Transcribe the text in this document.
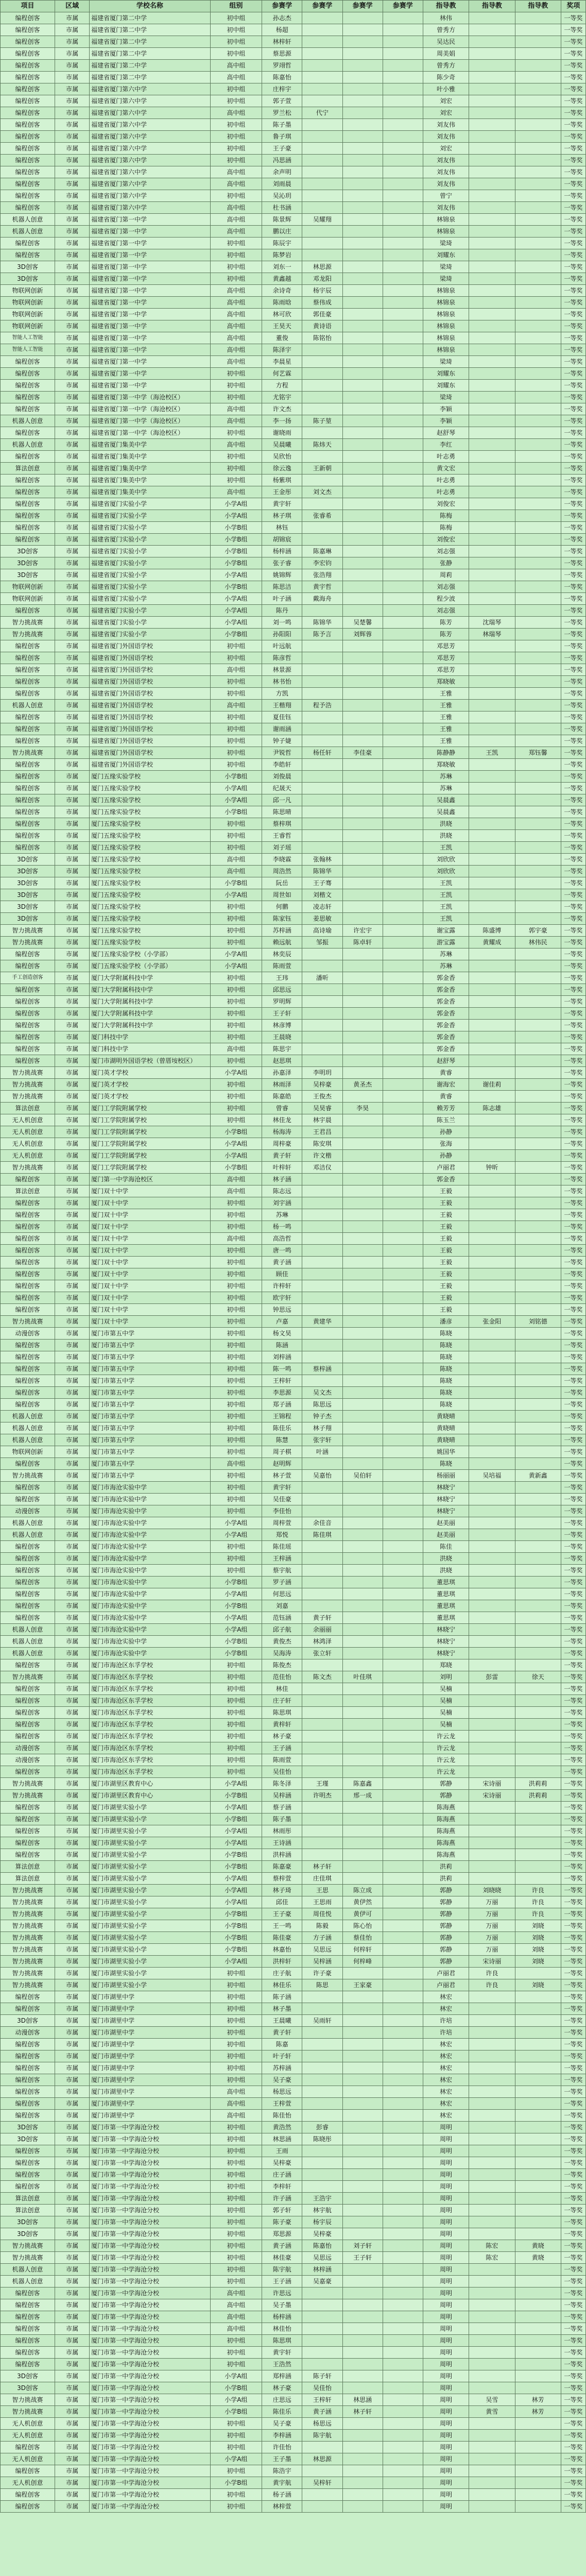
项目	区域	学校名称	组别	参赛学	参赛学	参赛学	参赛学	指导教	指导教	指导教	奖项
编程创客	市属	福建省厦门第二中学	初中组	孙志杰				林伟			一等奖
编程创客	市属	福建省厦门第二中学	初中组	杨超				曾秀方			一等奖
编程创客	市属	福建省厦门第二中学	初中组	林梓轩				吴达民			一等奖
编程创客	市属	福建省厦门第二中学	初中组	蔡思源				周美娟			一等奖
编程创客	市属	福建省厦门第二中学	高中组	罗翊哲				曾秀方			一等奖
编程创客	市属	福建省厦门第二中学	高中组	陈嘉怡				陈少奇			一等奖
编程创客	市属	福建省厦门第六中学	初中组	庄梓宇				叶小雅			一等奖
编程创客	市属	福建省厦门第六中学	初中组	郭子萱				刘宏			一等奖
编程创客	市属	福建省厦门第六中学	高中组	罗兰松	代宁			刘宏			一等奖
编程创客	市属	福建省厦门第六中学	初中组	陈子墨				刘友伟			一等奖
编程创客	市属	福建省厦门第六中学	初中组	鲁子琪				刘友伟			一等奖
编程创客	市属	福建省厦门第六中学	初中组	王子豪				刘宏			一等奖
编程创客	市属	福建省厦门第六中学	初中组	冯思涵				刘友伟			一等奖
编程创客	市属	福建省厦门第六中学	高中组	余声明				刘友伟			一等奖
编程创客	市属	福建省厦门第六中学	高中组	刘雨晨				刘友伟			一等奖
编程创客	市属	福建省厦门第六中学	初中组	吴沁玥				曾宁			一等奖
编程创客	市属	福建省厦门第六中学	高中组	杜书涵				刘友伟			一等奖
机器人创意	市属	福建省厦门第一中学	高中组	陈景辉	吴耀翔			林锦泉			一等奖
机器人创意	市属	福建省厦门第一中学	高中组	鹏以庄				林锦泉			一等奖
编程创客	市属	福建省厦门第一中学	初中组	陈辰宇				梁琦			一等奖
编程创客	市属	福建省厦门第一中学	初中组	陈梦岩				刘耀东			一等奖
3D创客	市属	福建省厦门第一中学	初中组	刘东一	林思源			梁琦			一等奖
3D创客	市属	福建省厦门第一中学	初中组	黄鑫越	邓龙阳			梁琦			一等奖
物联网创新	市属	福建省厦门第一中学	高中组	余诗奇	杨宇辰			林锦泉			一等奖
物联网创新	市属	福建省厦门第一中学	高中组	陈雨晗	蔡伟成			林锦泉			一等奖
物联网创新	市属	福建省厦门第一中学	高中组	林可欣	郭佳豪			林锦泉			一等奖
物联网创新	市属	福建省厦门第一中学	高中组	王昊天	黄诗语			林锦泉			一等奖
智能人工智能	市属	福建省厦门第一中学	高中组	董俊	陈铭怡			林锦泉			一等奖
智能人工智能	市属	福建省厦门第一中学	高中组	陈泽宇				林锦泉			一等奖
编程创客	市属	福建省厦门第一中学	高中组	李晨星				梁琦			一等奖
编程创客	市属	福建省厦门第一中学	初中组	何艺霖				刘耀东			一等奖
编程创客	市属	福建省厦门第一中学	初中组	方程				刘耀东			一等奖
编程创客	市属	福建省厦门第一中学（海沧校区）	初中组	尤铭宇				梁琦			一等奖
编程创客	市属	福建省厦门第一中学（海沧校区）	高中组	许文杰				李颖			一等奖
机器人创意	市属	福建省厦门第一中学（海沧校区）	高中组	李一扬	陈子堃			李颖			一等奖
编程创客	市属	福建省厦门第一中学（海沧校区）	初中组	谢晓雨				赵舒琴			一等奖
机器人创意	市属	福建省厦门集美中学	高中组	吴晨曦	陈炜天			李红			一等奖
编程创客	市属	福建省厦门集美中学	初中组	吴欣怡				叶志勇			一等奖
算法创意	市属	福建省厦门集美中学	初中组	徐云逸	王新朝			黄文宏			一等奖
编程创客	市属	福建省厦门集美中学	初中组	杨紫琪				叶志勇			一等奖
编程创客	市属	福建省厦门集美中学	高中组	王金彤	刘文杰			叶志勇			一等奖
编程创客	市属	福建省厦门实验小学	小学A组	黄宇轩				刘俊宏			一等奖
编程创客	市属	福建省厦门实验小学	小学A组	林子琪	张睿希			陈梅			一等奖
编程创客	市属	福建省厦门实验小学	小学B组	林钰				陈梅			一等奖
编程创客	市属	福建省厦门实验小学	小学B组	胡锦宸				刘俊宏			一等奖
3D创客	市属	福建省厦门实验小学	小学B组	杨梓涵	陈嘉琳			刘志强			一等奖
3D创客	市属	福建省厦门实验小学	小学B组	张子睿	李宏钧			张静			一等奖
3D创客	市属	福建省厦门实验小学	小学A组	姚锦辉	张浩翔			周莉			一等奖
物联网创新	市属	福建省厦门实验小学	小学B组	陈思洁	黄宇哲			刘志强			一等奖
物联网创新	市属	福建省厦门实验小学	小学A组	叶子涵	戴海舟			程少波			一等奖
编程创客	市属	福建省厦门实验小学	小学A组	陈丹				刘志强			一等奖
智力挑战赛	市属	福建省厦门实验小学	小学A组	刘一鸣	陈锦华	吴楚馨		陈芳	沈瑞琴		一等奖
智力挑战赛	市属	福建省厦门实验小学	小学B组	孙阳阳	陈予言	刘辉蓉		陈芳	林瑞琴		一等奖
编程创客	市属	福建省厦门外国语学校	初中组	叶远航				邓思芳			一等奖
编程创客	市属	福建省厦门外国语学校	初中组	陈彦哲				邓思芳			一等奖
编程创客	市属	福建省厦门外国语学校	高中组	林景源				邓思芳			一等奖
编程创客	市属	福建省厦门外国语学校	初中组	林书怡				郑晓敏			一等奖
编程创客	市属	福建省厦门外国语学校	初中组	方凯				王雅			一等奖
机器人创意	市属	福建省厦门外国语学校	高中组	王楷翔	程予浩			王雅			一等奖
编程创客	市属	福建省厦门外国语学校	初中组	夏佳钰				王雅			一等奖
编程创客	市属	福建省厦门外国语学校	初中组	谢雨涵				王雅			一等奖
编程创客	市属	福建省厦门外国语学校	初中组	钟子婕				王雅			一等奖
智力挑战赛	市属	福建省厦门外国语学校	初中组	尹锐哲	杨任轩	李佳豪		陈静静	王凯	郑钰馨	一等奖
编程创客	市属	福建省厦门外国语学校	初中组	李皓轩				郑晓敏			一等奖
编程创客	市属	厦门五缘实验学校	小学B组	刘俊晨				苏琳			一等奖
编程创客	市属	厦门五缘实验学校	小学A组	纪晟天				苏琳			一等奖
编程创客	市属	厦门五缘实验学校	小学A组	邱一凡				吴晨鑫			一等奖
编程创客	市属	厦门五缘实验学校	小学B组	陈思晴				吴晨鑫			一等奖
编程创客	市属	厦门五缘实验学校	初中组	蔡梓琪				洪晓			一等奖
编程创客	市属	厦门五缘实验学校	初中组	王睿哲				洪晓			一等奖
编程创客	市属	厦门五缘实验学校	初中组	刘子瑶				王凯			一等奖
3D创客	市属	厦门五缘实验学校	高中组	李晓霖	张翰林			刘欣欣			一等奖
3D创客	市属	厦门五缘实验学校	高中组	周浩然	陈锦华			刘欣欣			一等奖
3D创客	市属	厦门五缘实验学校	小学B组	阮岳	王子骞			王凯			一等奖
3D创客	市属	厦门五缘实验学校	小学A组	周世如	刘楷文			王凯			一等奖
3D创客	市属	厦门五缘实验学校	初中组	何鹏	凌志轩			王凯			一等奖
3D创客	市属	厦门五缘实验学校	初中组	陈家钰	姜思敏			王凯			一等奖
智力挑战赛	市属	厦门五缘实验学校	初中组	苏梓涵	高诗瑜	许宏宇		谢宝露	陈盛博	郭宇豪	一等奖
智力挑战赛	市属	厦门五缘实验学校	初中组	赖远航	邹振	陈卓轩		游宝露	黄耀成	林伟民	一等奖
编程创客	市属	厦门五缘实验学校（小学部）	小学A组	林奕辰				苏琳			一等奖
编程创客	市属	厦门五缘实验学校（小学部）	小学A组	陈雨萱				苏琳			一等奖
手工创造创客	市属	厦门大学附属科技中学	初中组	王玮	潘昕			郭金香			一等奖
编程创客	市属	厦门大学附属科技中学	初中组	邱思远				郭金香			一等奖
编程创客	市属	厦门大学附属科技中学	初中组	罗明辉				郭金香			一等奖
编程创客	市属	厦门大学附属科技中学	初中组	王子轩				郭金香			一等奖
编程创客	市属	厦门大学附属科技中学	初中组	林彦博				郭金香			一等奖
编程创客	市属	厦门科技中学	初中组	王晨晓				郭金香			一等奖
编程创客	市属	厦门科技中学	高中组	陈思宇				郭金香			一等奖
编程创客	市属	厦门市湖明外国语学校（曾厝垵校区）	初中组	赵思琪				赵舒琴			一等奖
智力挑战赛	市属	厦门英才学校	小学A组	孙嘉泽	李明玥			黄睿			一等奖
智力挑战赛	市属	厦门英才学校	初中组	林雨泽	吴梓豪	黄圣杰		谢海宏	谢佳莉		一等奖
智力挑战赛	市属	厦门英才学校	初中组	陈嘉皓	王俊杰			黄睿			一等奖
算法创意	市属	厦门工学院附属学校	初中组	曾睿	吴昊睿	李昊		赖芳芳	陈志雄		一等奖
无人机创意	市属	厦门工学院附属学校	初中组	林佳龙	林宇晨			陈玉兰			一等奖
无人机创意	市属	厦门工学院附属学校	小学B组	杨海涛	王君昌			孙静			一等奖
无人机创意	市属	厦门工学院附属学校	小学A组	周梓豪	陈安琪			张海			一等奖
无人机创意	市属	厦门工学院附属学校	小学A组	黄子轩	许文楷			孙静			一等奖
智力挑战赛	市属	厦门工学院附属学校	小学B组	叶梓轩	邓洁仪			卢丽君	钟昕		一等奖
编程创客	市属	厦门第一中学海沧校区	高中组	林子涵				郭金香			一等奖
算法创意	市属	厦门双十中学	高中组	陈志远				王毅			一等奖
编程创客	市属	厦门双十中学	初中组	刘宇涵				王毅			一等奖
编程创客	市属	厦门双十中学	初中组	苏琳				王毅			一等奖
编程创客	市属	厦门双十中学	初中组	杨一鸣				王毅			一等奖
编程创客	市属	厦门双十中学	高中组	高浩哲				王毅			一等奖
编程创客	市属	厦门双十中学	初中组	唐一鸣				王毅			一等奖
编程创客	市属	厦门双十中学	初中组	黄子涵				王毅			一等奖
编程创客	市属	厦门双十中学	初中组	顾佳				王毅			一等奖
编程创客	市属	厦门双十中学	初中组	许梓轩				王毅			一等奖
编程创客	市属	厦门双十中学	初中组	欧宇轩				王毅			一等奖
编程创客	市属	厦门双十中学	初中组	钟思远				王毅			一等奖
智力挑战赛	市属	厦门双十中学	初中组	卢嘉	黄建华			潘彦	张金阳	刘铭德	一等奖
动漫创客	市属	厦门市第五中学	初中组	杨文昊				陈晓			一等奖
编程创客	市属	厦门市第五中学	初中组	陈涵				陈晓			一等奖
编程创客	市属	厦门市第五中学	初中组	刘梓涵				陈晓			一等奖
编程创客	市属	厦门市第五中学	初中组	陈一鸣	蔡梓涵			陈晓			一等奖
编程创客	市属	厦门市第五中学	初中组	王梓轩				陈晓			一等奖
编程创客	市属	厦门市第五中学	初中组	李思源	吴文杰			陈晓			一等奖
编程创客	市属	厦门市第五中学	初中组	郑子涵	陈思远			陈晓			一等奖
机器人创意	市属	厦门市第五中学	初中组	王锦程	钟子杰			黄晓晴			一等奖
机器人创意	市属	厦门市第五中学	初中组	陈佳乐	林子翔			黄晓晴			一等奖
机器人创意	市属	厦门市第五中学	初中组	陈慧	张宇轩			黄晓晴			一等奖
物联网创新	市属	厦门市第五中学	初中组	周子棋	叶涵			姚国华			一等奖
编程创客	市属	厦门市第五中学	高中组	赵明辉				陈晓			一等奖
智力挑战赛	市属	厦门市第五中学	初中组	林子萱	吴嘉怡	吴伯轩		杨丽丽	吴培福	黄新鑫	一等奖
编程创客	市属	厦门市海沧实验中学	初中组	黄宇轩				林晓宁			一等奖
编程创客	市属	厦门市海沧实验中学	初中组	吴佳豪				林晓宁			一等奖
动漫创客	市属	厦门市海沧实验中学	初中组	李佳怡				林晓宁			一等奖
机器人创意	市属	厦门市海沧实验中学	小学A组	周梓萱	余佳音			赵美丽			一等奖
机器人创意	市属	厦门市海沧实验中学	小学A组	郑悦	陈佳琪			赵美丽			一等奖
编程创客	市属	厦门市海沧实验中学	初中组	陈佳瑶				陈佳			一等奖
编程创客	市属	厦门市海沧实验中学	初中组	王梓涵				洪晓			一等奖
编程创客	市属	厦门市海沧实验中学	初中组	蔡宇航				洪晓			一等奖
编程创客	市属	厦门市海沧实验中学	小学B组	罗子涵				董思琪			一等奖
编程创客	市属	厦门市海沧实验中学	小学A组	何思远				董思琪			一等奖
编程创客	市属	厦门市海沧实验中学	小学B组	刘嘉				董思琪			一等奖
编程创客	市属	厦门市海沧实验中学	小学A组	范钰涵	黄子轩			董思琪			一等奖
机器人创意	市属	厦门市海沧实验中学	小学A组	邱子航	余丽丽			林晓宁			一等奖
机器人创意	市属	厦门市海沧实验中学	小学B组	黄俊杰	林鸿泽			林晓宁			一等奖
机器人创意	市属	厦门市海沧实验中学	小学B组	吴海涛	张立轩			林晓宁			一等奖
编程创客	市属	厦门市海沧区东孚学校	初中组	陈俊杰				郑晓			一等奖
智力挑战赛	市属	厦门市海沧区东孚学校	初中组	范佳怡	陈文杰	叶佳琪		刘明	彭雷	徐天	一等奖
编程创客	市属	厦门市海沧区东孚学校	初中组	林佳				吴楠			一等奖
编程创客	市属	厦门市海沧区东孚学校	初中组	庄子轩				吴楠			一等奖
编程创客	市属	厦门市海沧区东孚学校	初中组	陈思琪				吴楠			一等奖
编程创客	市属	厦门市海沧区东孚学校	初中组	黄梓轩				吴楠			一等奖
编程创客	市属	厦门市海沧区东孚学校	初中组	林子豪				许云龙			一等奖
动漫创客	市属	厦门市海沧区东孚学校	初中组	王子涵				许云龙			一等奖
动漫创客	市属	厦门市海沧区东孚学校	初中组	陈雨萱				许云龙			一等奖
编程创客	市属	厦门市海沧区东孚学校	初中组	吴佳怡				许云龙			一等奖
智力挑战赛	市属	厦门市湖里区教育中心	小学A组	陈冬泽	王瑾	陈嘉鑫		郭静	宋诗丽	洪莉莉	一等奖
智力挑战赛	市属	厦门市湖里区教育中心	小学B组	吴梓涵	许明杰	邢一成		郭静	宋诗丽	洪莉莉	一等奖
编程创客	市属	厦门市湖里实验小学	小学A组	蔡子涵				陈海燕			一等奖
编程创客	市属	厦门市湖里实验小学	小学B组	陈子墨				陈海燕			一等奖
编程创客	市属	厦门市湖里实验小学	小学A组	林雨彤				陈海燕			一等奖
编程创客	市属	厦门市湖里实验小学	小学A组	王诗涵				陈海燕			一等奖
编程创客	市属	厦门市湖里实验小学	小学B组	洪梓涵				陈海燕			一等奖
算法创意	市属	厦门市湖里实验小学	小学B组	陈嘉豪	林子轩			洪莉			一等奖
算法创意	市属	厦门市湖里实验小学	小学A组	蔡梓萱	庄佳琪			洪莉			一等奖
智力挑战赛	市属	厦门市湖里实验小学	小学A组	林子琦	王思	陈立成		郭静	刘晓晓	许良	一等奖
智力挑战赛	市属	厦门市湖里实验小学	小学A组	邱佳	王思雨	黄伊然		郭静	万丽	许良	一等奖
智力挑战赛	市属	厦门市湖里实验小学	小学B组	王子豪	周佳悦	黄伊可		郭静	万丽	许良	一等奖
智力挑战赛	市属	厦门市湖里实验小学	小学B组	王一鸣	陈毅	陈心怡		郭静	万丽	刘晓	一等奖
智力挑战赛	市属	厦门市湖里实验小学	小学B组	陈佳豪	方子涵	蔡佳怡		郭静	万丽	刘晓	一等奖
智力挑战赛	市属	厦门市湖里实验小学	小学B组	林嘉怡	吴思远	何梓轩		郭静	万丽	刘晓	一等奖
智力挑战赛	市属	厦门市湖里实验小学	小学A组	洪梓轩	吴梓涵	何梓峰		郭静	宋诗丽	刘晓	一等奖
智力挑战赛	市属	厦门市湖里实验小学	初中组	庄子航	许子豪			卢丽君	许良		一等奖
智力挑战赛	市属	厦门市湖里实验小学	初中组	林佳乐	陈思	王家豪		卢丽君	许良	刘晓	一等奖
编程创客	市属	厦门市湖里中学	初中组	陈子涵				林宏			一等奖
编程创客	市属	厦门市湖里中学	初中组	林子墨				林宏			一等奖
3D创客	市属	厦门市湖里中学	初中组	王晨曦	吴雨轩			许培			一等奖
动漫创客	市属	厦门市湖里中学	初中组	黄子轩				许培			一等奖
编程创客	市属	厦门市湖里中学	初中组	陈嘉				林宏			一等奖
编程创客	市属	厦门市湖里中学	初中组	叶子轩				林宏			一等奖
编程创客	市属	厦门市湖里中学	初中组	苏梓涵				林宏			一等奖
编程创客	市属	厦门市湖里中学	初中组	吴子豪				林宏			一等奖
编程创客	市属	厦门市湖里中学	高中组	杨思远				林宏			一等奖
编程创客	市属	厦门市湖里中学	高中组	王梓萱				林宏			一等奖
编程创客	市属	厦门市湖里中学	高中组	陈佳怡				林宏			一等奖
3D创客	市属	厦门市第一中学海沧分校	初中组	黄浩然	彭睿			周明			一等奖
3D创客	市属	厦门市第一中学海沧分校	初中组	林思涵	陈晓彤			周明			一等奖
编程创客	市属	厦门市第一中学海沧分校	初中组	王雨				周明			一等奖
编程创客	市属	厦门市第一中学海沧分校	初中组	吴梓豪				周明			一等奖
编程创客	市属	厦门市第一中学海沧分校	初中组	庄子涵				周明			一等奖
编程创客	市属	厦门市第一中学海沧分校	初中组	李梓轩				周明			一等奖
算法创意	市属	厦门市第一中学海沧分校	初中组	许子涵	王浩宇			周明			一等奖
算法创意	市属	厦门市第一中学海沧分校	初中组	郭子轩	林宇航			周明			一等奖
3D创客	市属	厦门市第一中学海沧分校	初中组	陈子豪	杨宇辰			周明			一等奖
3D创客	市属	厦门市第一中学海沧分校	初中组	郑思源	吴梓豪			周明			一等奖
智力挑战赛	市属	厦门市第一中学海沧分校	初中组	黄子涵	陈嘉怡	刘子轩		周明	陈宏	黄晓	一等奖
智力挑战赛	市属	厦门市第一中学海沧分校	初中组	林佳豪	吴思远	王子轩		周明	陈宏	黄晓	一等奖
机器人创意	市属	厦门市第一中学海沧分校	初中组	陈宇航	林梓涵			周明			一等奖
机器人创意	市属	厦门市第一中学海沧分校	初中组	王子涵	吴嘉豪			周明			一等奖
编程创客	市属	厦门市第一中学海沧分校	高中组	许思远				周明			一等奖
编程创客	市属	厦门市第一中学海沧分校	高中组	吴子墨				周明			一等奖
编程创客	市属	厦门市第一中学海沧分校	高中组	杨梓涵				周明			一等奖
编程创客	市属	厦门市第一中学海沧分校	高中组	林佳怡				周明			一等奖
编程创客	市属	厦门市第一中学海沧分校	初中组	陈思琪				周明			一等奖
编程创客	市属	厦门市第一中学海沧分校	初中组	黄宇轩				周明			一等奖
编程创客	市属	厦门市第一中学海沧分校	初中组	王浩然				周明			一等奖
3D创客	市属	厦门市第一中学海沧分校	小学A组	郑梓涵	陈子轩			周明			一等奖
3D创客	市属	厦门市第一中学海沧分校	小学B组	林子豪	吴佳怡			周明			一等奖
智力挑战赛	市属	厦门市第一中学海沧分校	小学A组	庄思远	王梓轩	林思涵		周明	吴雪	林芳	一等奖
智力挑战赛	市属	厦门市第一中学海沧分校	小学B组	陈佳乐	黄子涵	林子轩		周明	黄雪	林芳	一等奖
无人机创意	市属	厦门市第一中学海沧分校	初中组	吴子豪	杨思远			周明			一等奖
无人机创意	市属	厦门市第一中学海沧分校	初中组	李梓涵	陈宇航			周明			一等奖
编程创客	市属	厦门市第一中学海沧分校	初中组	许佳怡				周明			一等奖
无人机创意	市属	厦门市第一中学海沧分校	小学A组	王子墨	林思源			周明			一等奖
编程创客	市属	厦门市第一中学海沧分校	初中组	陈浩宇				周明			一等奖
无人机创意	市属	厦门市第一中学海沧分校	小学B组	黄宇航	吴梓轩			周明			一等奖
编程创客	市属	厦门市第一中学海沧分校	初中组	杨子涵				周明			一等奖
编程创客	市属	厦门市第一中学海沧分校	初中组	林梓萱				周明			一等奖
